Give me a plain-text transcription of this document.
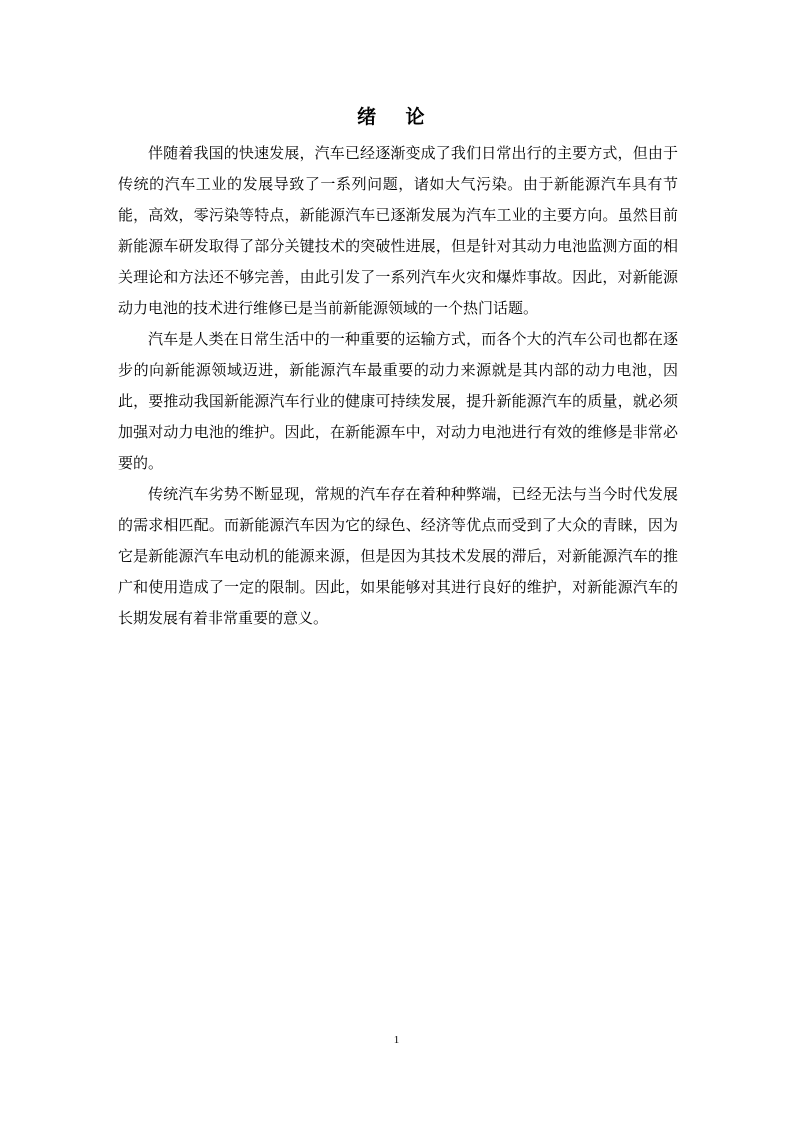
绪 论

伴随着我国的快速发展，汽车已经逐渐变成了我们日常出行的主要方式，但由于传统的汽车工业的发展导致了一系列问题，诸如大气污染。由于新能源汽车具有节能，高效，零污染等特点，新能源汽车已逐渐发展为汽车工业的主要方向。虽然目前新能源车研发取得了部分关键技术的突破性进展，但是针对其动力电池监测方面的相关理论和方法还不够完善，由此引发了一系列汽车火灾和爆炸事故。因此，对新能源动力电池的技术进行维修已是当前新能源领域的一个热门话题。

汽车是人类在日常生活中的一种重要的运输方式，而各个大的汽车公司也都在逐步的向新能源领域迈进，新能源汽车最重要的动力来源就是其内部的动力电池，因此，要推动我国新能源汽车行业的健康可持续发展，提升新能源汽车的质量，就必须加强对动力电池的维护。因此，在新能源车中，对动力电池进行有效的维修是非常必要的。

传统汽车劣势不断显现，常规的汽车存在着种种弊端，已经无法与当今时代发展的需求相匹配。而新能源汽车因为它的绿色、经济等优点而受到了大众的青睐，因为它是新能源汽车电动机的能源来源，但是因为其技术发展的滞后，对新能源汽车的推广和使用造成了一定的限制。因此，如果能够对其进行良好的维护，对新能源汽车的长期发展有着非常重要的意义。

1
